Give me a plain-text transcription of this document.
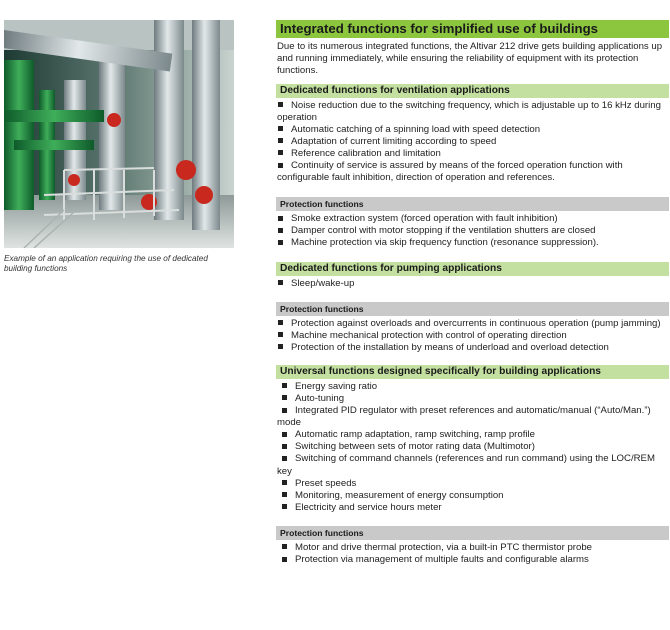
Example of an application requiring the use of dedicated building functions
Integrated functions for simplified use of buildings
Due to its numerous integrated functions, the Altivar 212 drive gets building applications up and running immediately, while ensuring the reliability of equipment with its protection functions.
Dedicated functions for ventilation applications
Noise reduction due to the switching frequency, which is adjustable up to 16 kHz during operation
Automatic catching of a spinning load with speed detection
Adaptation of current limiting according to speed
Reference calibration and limitation
Continuity of service is assured by means of the forced operation function with configurable fault inhibition, direction of operation and references.
Protection functions
Smoke extraction system (forced operation with fault inhibition)
Damper control with motor stopping if the ventilation shutters are closed
Machine protection via skip frequency function (resonance suppression).
Dedicated functions for pumping applications
Sleep/wake-up
Protection functions
Protection against overloads and overcurrents in continuous operation (pump jamming)
Machine mechanical protection with control of operating direction
Protection of the installation by means of underload and overload detection
Universal functions designed specifically for building applications
Energy saving ratio
Auto-tuning
Integrated PID regulator with preset references and automatic/manual (“Auto/Man.”) mode
Automatic ramp adaptation, ramp switching, ramp profile
Switching between sets of motor rating data (Multimotor)
Switching of command channels (references and run command) using the LOC/REM key
Preset speeds
Monitoring, measurement of energy consumption
Electricity and service hours meter
Protection functions
Motor and drive thermal protection, via a built-in PTC thermistor probe
Protection via management of multiple faults and configurable alarms
